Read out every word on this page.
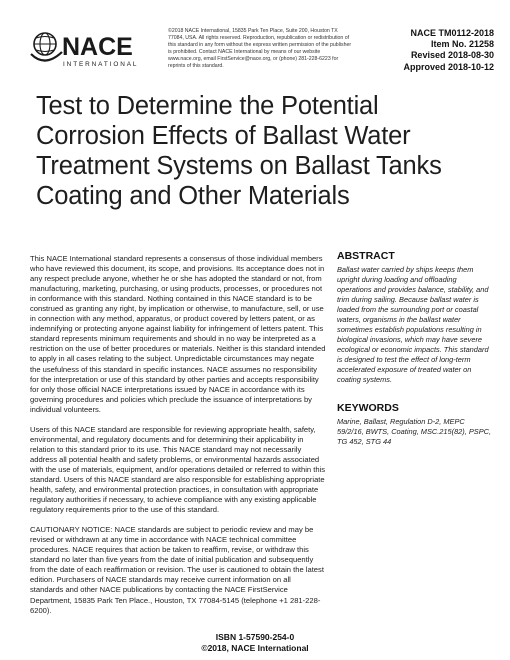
NACE
INTERNATIONAL
©2018 NACE International, 15835 Park Ten Place, Suite 200, Houston TX 77084, USA. All rights reserved. Reproduction, republication or redistribution of this standard in any form without the express written permission of the publisher is prohibited. Contact NACE International by means of our website www.nace.org, email FirstService@nace.org, or (phone) 281-228-6223 for reprints of this standard.
NACE TM0112-2018
Item No. 21258
Revised 2018-08-30
Approved 2018-10-12
Test to Determine the Potential
Corrosion Effects of Ballast Water
Treatment Systems on Ballast Tanks
Coating and Other Materials

This NACE International standard represents a consensus of those individual members who have reviewed this document, its scope, and provisions. Its acceptance does not in any respect preclude anyone, whether he or she has adopted the standard or not, from manufacturing, marketing, purchasing, or using products, processes, or procedures not in conformance with this standard. Nothing contained in this NACE standard is to be construed as granting any right, by implication or otherwise, to manufacture, sell, or use in connection with any method, apparatus, or product covered by letters patent, or as indemnifying or protecting anyone against liability for infringement of letters patent. This standard represents minimum requirements and should in no way be interpreted as a restriction on the use of better procedures or materials. Neither is this standard intended to apply in all cases relating to the subject. Unpredictable circumstances may negate the usefulness of this standard in specific instances. NACE assumes no responsibility for the interpretation or use of this standard by other parties and accepts responsibility for only those official NACE interpretations issued by NACE in accordance with its governing procedures and policies which preclude the issuance of interpretations by individual volunteers.

Users of this NACE standard are responsible for reviewing appropriate health, safety, environmental, and regulatory documents and for determining their applicability in relation to this standard prior to its use. This NACE standard may not necessarily address all potential health and safety problems, or environmental hazards associated with the use of materials, equipment, and/or operations detailed or referred to within this standard. Users of this NACE standard are also responsible for establishing appropriate health, safety, and environmental protection practices, in consultation with appropriate regulatory authorities if necessary, to achieve compliance with any existing applicable regulatory requirements prior to the use of this standard.

CAUTIONARY NOTICE: NACE standards are subject to periodic review and may be revised or withdrawn at any time in accordance with NACE technical committee procedures. NACE requires that action be taken to reaffirm, revise, or withdraw this standard no later than five years from the date of initial publication and subsequently from the date of each reaffirmation or revision. The user is cautioned to obtain the latest edition. Purchasers of NACE standards may receive current information on all standards and other NACE publications by contacting the NACE FirstService Department, 15835 Park Ten Place., Houston, TX 77084-5145 (telephone +1 281-228-6200).

ABSTRACT

Ballast water carried by ships keeps them upright during loading and offloading operations and provides balance, stability, and trim during sailing. Because ballast water is loaded from the surrounding port or coastal waters, organisms in the ballast water sometimes establish populations resulting in biological invasions, which may have severe ecological or economic impacts. This standard is designed to test the effect of long-term accelerated exposure of treated water on coating systems.

KEYWORDS

Marine, Ballast, Regulation D-2, MEPC 59/2/16, BWTS, Coating, MSC.215(82), PSPC, TG 452, STG 44

ISBN 1-57590-254-0
©2018, NACE International
